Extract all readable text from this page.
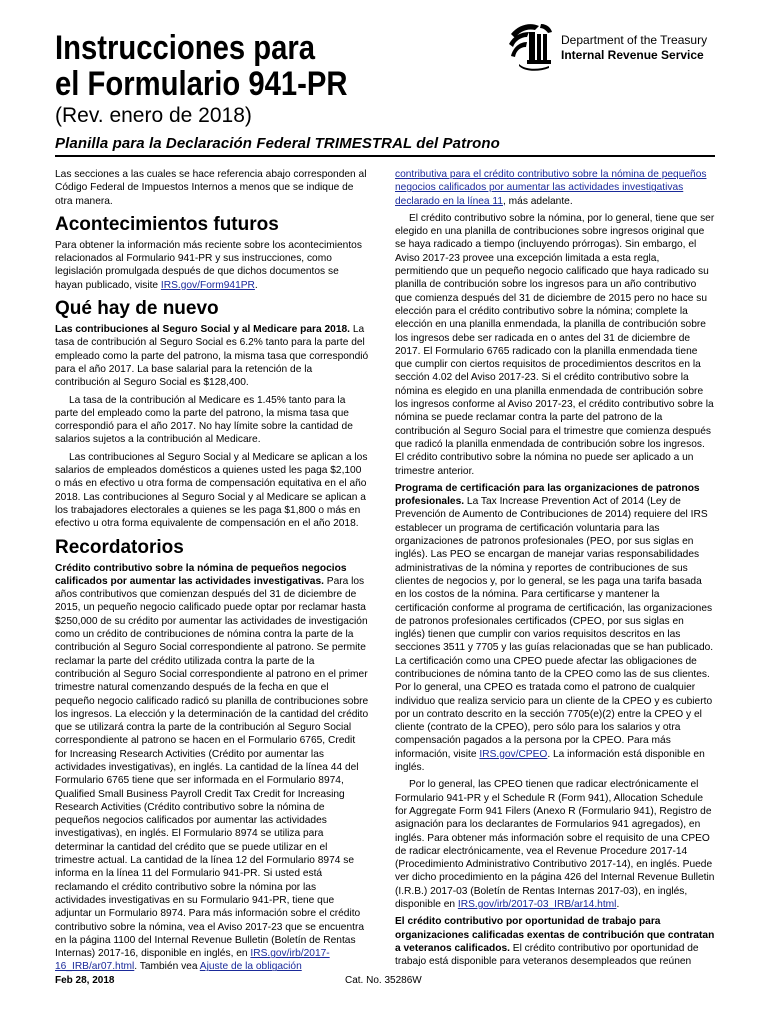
Instrucciones para
el Formulario 941-PR
(Rev. enero de 2018)
Planilla para la Declaración Federal TRIMESTRAL del Patrono
Department of the Treasury
Internal Revenue Service

Las secciones a las cuales se hace referencia abajo corresponden al Código Federal de Impuestos Internos a menos que se indique de otra manera.

Acontecimientos futuros

Para obtener la información más reciente sobre los acontecimientos relacionados al Formulario 941-PR y sus instrucciones, como legislación promulgada después de que dichos documentos se hayan publicado, visite IRS.gov/Form941PR.

Qué hay de nuevo

Las contribuciones al Seguro Social y al Medicare para 2018. La tasa de contribución al Seguro Social es 6.2% tanto para la parte del empleado como la parte del patrono, la misma tasa que correspondió para el año 2017. La base salarial para la retención de la contribución al Seguro Social es $128,400.

La tasa de la contribución al Medicare es 1.45% tanto para la parte del empleado como la parte del patrono, la misma tasa que correspondió para el año 2017. No hay límite sobre la cantidad de salarios sujetos a la contribución al Medicare.

Las contribuciones al Seguro Social y al Medicare se aplican a los salarios de empleados domésticos a quienes usted les paga $2,100 o más en efectivo u otra forma de compensación equitativa en el año 2018. Las contribuciones al Seguro Social y al Medicare se aplican a los trabajadores electorales a quienes se les paga $1,800 o más en efectivo u otra forma equivalente de compensación en el año 2018.

Recordatorios

Crédito contributivo sobre la nómina de pequeños negocios calificados por aumentar las actividades investigativas. Para los años contributivos que comienzan después del 31 de diciembre de 2015, un pequeño negocio calificado puede optar por reclamar hasta $250,000 de su crédito por aumentar las actividades de investigación como un crédito de contribuciones de nómina contra la parte de la contribución al Seguro Social correspondiente al patrono. Se permite reclamar la parte del crédito utilizada contra la parte de la contribución al Seguro Social correspondiente al patrono en el primer trimestre natural comenzando después de la fecha en que el pequeño negocio calificado radicó su planilla de contribuciones sobre los ingresos. La elección y la determinación de la cantidad del crédito que se utilizará contra la parte de la contribución al Seguro Social correspondiente al patrono se hacen en el Formulario 6765, Credit for Increasing Research Activities (Crédito por aumentar las actividades investigativas), en inglés. La cantidad de la línea 44 del Formulario 6765 tiene que ser informada en el Formulario 8974, Qualified Small Business Payroll Credit Tax Credit for Increasing Research Activities (Crédito contributivo sobre la nómina de pequeños negocios calificados por aumentar las actividades investigativas), en inglés. El Formulario 8974 se utiliza para determinar la cantidad del crédito que se puede utilizar en el trimestre actual. La cantidad de la línea 12 del Formulario 8974 se informa en la línea 11 del Formulario 941-PR. Si usted está reclamando el crédito contributivo sobre la nómina por las actividades investigativas en su Formulario 941-PR, tiene que adjuntar un Formulario 8974. Para más información sobre el crédito contributivo sobre la nómina, vea el Aviso 2017-23 que se encuentra en la página 1100 del Internal Revenue Bulletin (Boletín de Rentas Internas) 2017-16, disponible en inglés, en IRS.gov/irb/2017-16_IRB/ar07.html. También vea Ajuste de la obligación

contributiva para el crédito contributivo sobre la nómina de pequeños negocios calificados por aumentar las actividades investigativas declarado en la línea 11, más adelante.

El crédito contributivo sobre la nómina, por lo general, tiene que ser elegido en una planilla de contribuciones sobre ingresos original que se haya radicado a tiempo (incluyendo prórrogas). Sin embargo, el Aviso 2017-23 provee una excepción limitada a esta regla, permitiendo que un pequeño negocio calificado que haya radicado su planilla de contribución sobre los ingresos para un año contributivo que comienza después del 31 de diciembre de 2015 pero no hace su elección para el crédito contributivo sobre la nómina; complete la elección en una planilla enmendada, la planilla de contribución sobre los ingresos debe ser radicada en o antes del 31 de diciembre de 2017. El Formulario 6765 radicado con la planilla enmendada tiene que cumplir con ciertos requisitos de procedimientos descritos en la sección 4.02 del Aviso 2017-23. Si el crédito contributivo sobre la nómina es elegido en una planilla enmendada de contribución sobre los ingresos conforme al Aviso 2017-23, el crédito contributivo sobre la nómina se puede reclamar contra la parte del patrono de la contribución al Seguro Social para el trimestre que comienza después que radicó la planilla enmendada de contribución sobre los ingresos. El crédito contributivo sobre la nómina no puede ser aplicado a un trimestre anterior.

Programa de certificación para las organizaciones de patronos profesionales. La Tax Increase Prevention Act of 2014 (Ley de Prevención de Aumento de Contribuciones de 2014) requiere del IRS establecer un programa de certificación voluntaria para las organizaciones de patronos profesionales (PEO, por sus siglas en inglés). Las PEO se encargan de manejar varias responsabilidades administrativas de la nómina y reportes de contribuciones de sus clientes de negocios y, por lo general, se les paga una tarifa basada en los costos de la nómina. Para certificarse y mantener la certificación conforme al programa de certificación, las organizaciones de patronos profesionales certificados (CPEO, por sus siglas en inglés) tienen que cumplir con varios requisitos descritos en las secciones 3511 y 7705 y las guías relacionadas que se han publicado. La certificación como una CPEO puede afectar las obligaciones de contribuciones de nómina tanto de la CPEO como las de sus clientes. Por lo general, una CPEO es tratada como el patrono de cualquier individuo que realiza servicio para un cliente de la CPEO y es cubierto por un contrato descrito en la sección 7705(e)(2) entre la CPEO y el cliente (contrato de la CPEO), pero sólo para los salarios y otra compensación pagados a la persona por la CPEO. Para más información, visite IRS.gov/CPEO. La información está disponible en inglés.

Por lo general, las CPEO tienen que radicar electrónicamente el Formulario 941-PR y el Schedule R (Form 941), Allocation Schedule for Aggregate Form 941 Filers (Anexo R (Formulario 941), Registro de asignación para los declarantes de Formularios 941 agregados), en inglés. Para obtener más información sobre el requisito de una CPEO de radicar electrónicamente, vea el Revenue Procedure 2017-14 (Procedimiento Administrativo Contributivo 2017-14), en inglés. Puede ver dicho procedimiento en la página 426 del Internal Revenue Bulletin (I.R.B.) 2017-03 (Boletín de Rentas Internas 2017-03), en inglés, disponible en IRS.gov/irb/2017-03_IRB/ar14.html.

El crédito contributivo por oportunidad de trabajo para organizaciones calificadas exentas de contribución que contratan a veteranos calificados. El crédito contributivo por oportunidad de trabajo está disponible para veteranos desempleados que reúnen

Feb 28, 2018	Cat. No. 35286W
